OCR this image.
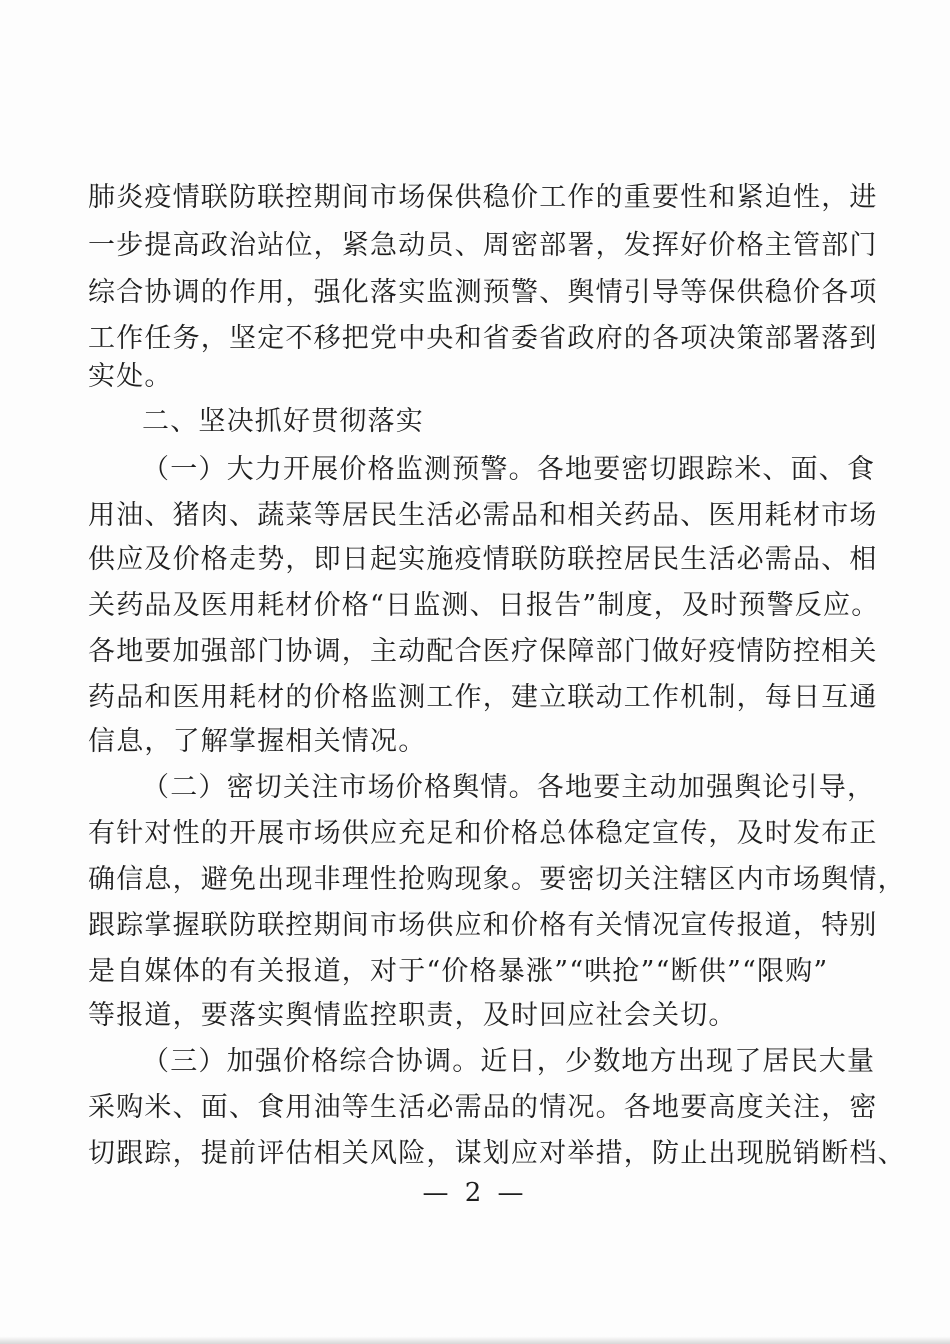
肺炎疫情联防联控期间市场保供稳价工作的重要性和紧迫性，进
一步提高政治站位，紧急动员、周密部署，发挥好价格主管部门
综合协调的作用，强化落实监测预警、舆情引导等保供稳价各项
工作任务，坚定不移把党中央和省委省政府的各项决策部署落到
实处。
二、坚决抓好贯彻落实
（一）大力开展价格监测预警。各地要密切跟踪米、面、食
用油、猪肉、蔬菜等居民生活必需品和相关药品、医用耗材市场
供应及价格走势，即日起实施疫情联防联控居民生活必需品、相
关药品及医用耗材价格“日监测、日报告”制度，及时预警反应。
各地要加强部门协调，主动配合医疗保障部门做好疫情防控相关
药品和医用耗材的价格监测工作，建立联动工作机制，每日互通
信息，了解掌握相关情况。
（二）密切关注市场价格舆情。各地要主动加强舆论引导，
有针对性的开展市场供应充足和价格总体稳定宣传，及时发布正
确信息，避免出现非理性抢购现象。要密切关注辖区内市场舆情，
跟踪掌握联防联控期间市场供应和价格有关情况宣传报道，特别
是自媒体的有关报道，对于“价格暴涨”“哄抢”“断供”“限购”
等报道，要落实舆情监控职责，及时回应社会关切。
（三）加强价格综合协调。近日，少数地方出现了居民大量
采购米、面、食用油等生活必需品的情况。各地要高度关注，密
切跟踪，提前评估相关风险，谋划应对举措，防止出现脱销断档、
— 2 —
